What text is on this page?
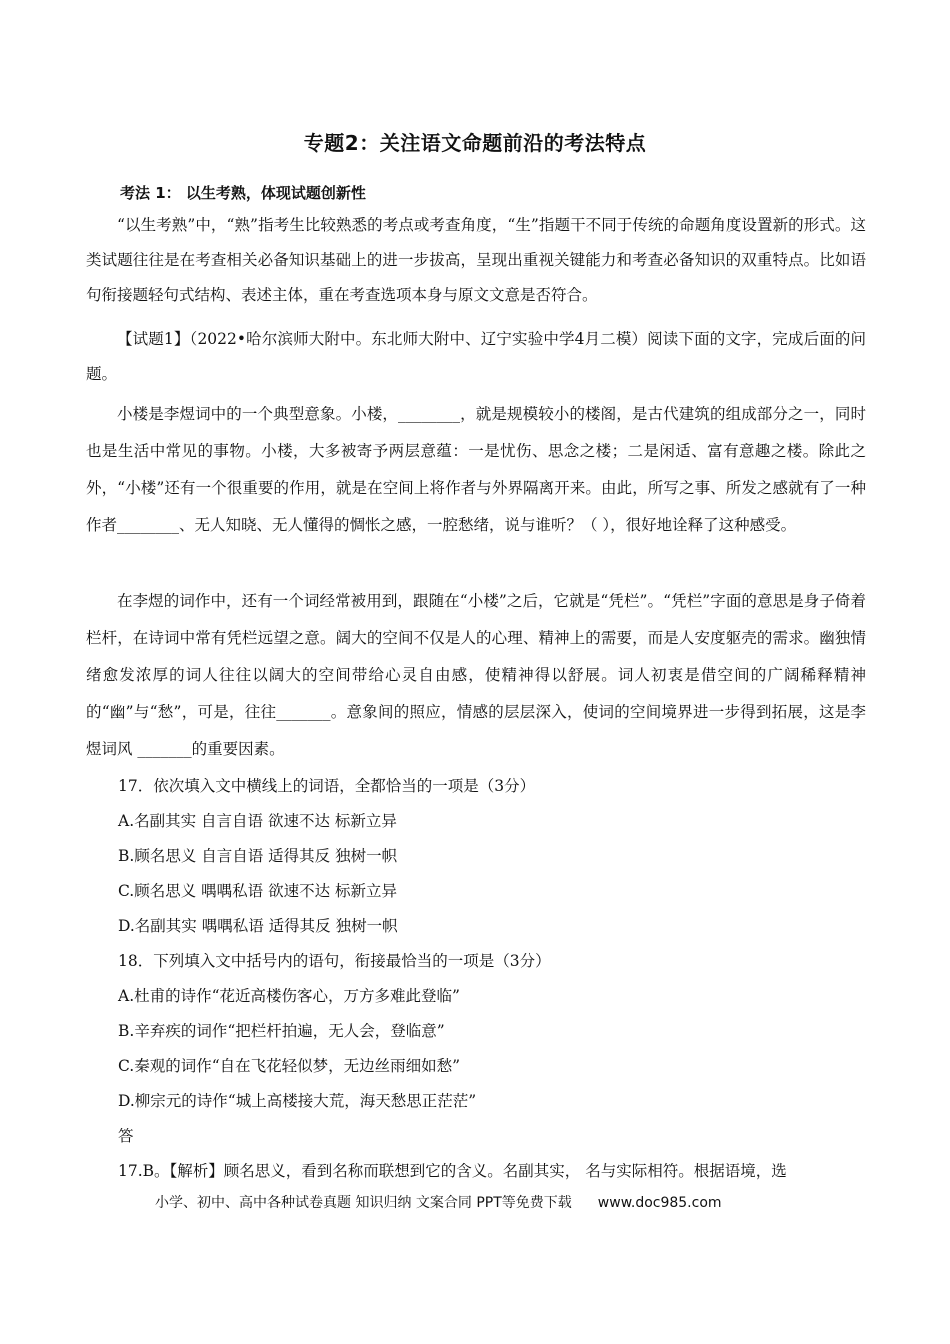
专题2：关注语文命题前沿的考法特点
考法 1： 以生考熟，体现试题创新性

“以生考熟”中，“熟”指考生比较熟悉的考点或考查角度，“生”指题干不同于传统的命题角度设置新的形式。这类试题往往是在考查相关必备知识基础上的进一步拔高，呈现出重视关键能力和考查必备知识的双重特点。比如语句衔接题轻句式结构、表述主体，重在考查选项本身与原文文意是否符合。

【试题1】（2022•哈尔滨师大附中。东北师大附中、辽宁实验中学4月二模）阅读下面的文字，完成后面的问题。

小楼是李煜词中的一个典型意象。小楼，________，就是规模较小的楼阁，是古代建筑的组成部分之一，同时也是生活中常见的事物。小楼，大多被寄予两层意蕴：一是忧伤、思念之楼；二是闲适、富有意趣之楼。除此之外，“小楼”还有一个很重要的作用，就是在空间上将作者与外界隔离开来。由此，所写之事、所发之感就有了一种作者________、无人知晓、无人懂得的惆怅之感，一腔愁绪，说与谁听？（ ），很好地诠释了这种感受。

在李煜的词作中，还有一个词经常被用到，跟随在“小楼”之后，它就是“凭栏”。“凭栏”字面的意思是身子倚着栏杆，在诗词中常有凭栏远望之意。阔大的空间不仅是人的心理、精神上的需要，而是人安度躯壳的需求。幽独情绪愈发浓厚的词人往往以阔大的空间带给心灵自由感，使精神得以舒展。词人初衷是借空间的广阔稀释精神的“幽”与“愁”，可是，往往_______。意象间的照应，情感的层层深入，使词的空间境界进一步得到拓展，这是李煜词风 _______的重要因素。

17．依次填入文中横线上的词语，全都恰当的一项是（3分）
A.名副其实 自言自语 欲速不达 标新立异
B.顾名思义 自言自语 适得其反 独树一帜
C.顾名思义 喁喁私语 欲速不达 标新立异
D.名副其实 喁喁私语 适得其反 独树一帜
18．下列填入文中括号内的语句，衔接最恰当的一项是（3分）
A.杜甫的诗作“花近高楼伤客心，万方多难此登临”
B.辛弃疾的词作“把栏杆拍遍，无人会，登临意”
C.秦观的词作“自在飞花轻似梦，无边丝雨细如愁”
D.柳宗元的诗作“城上高楼接大荒，海天愁思正茫茫”
答
17.B。【解析】顾名思义，看到名称而联想到它的含义。名副其实， 名与实际相符。根据语境，选
小学、初中、高中各种试卷真题 知识归纳 文案合同 PPT等免费下载 www.doc985.com
